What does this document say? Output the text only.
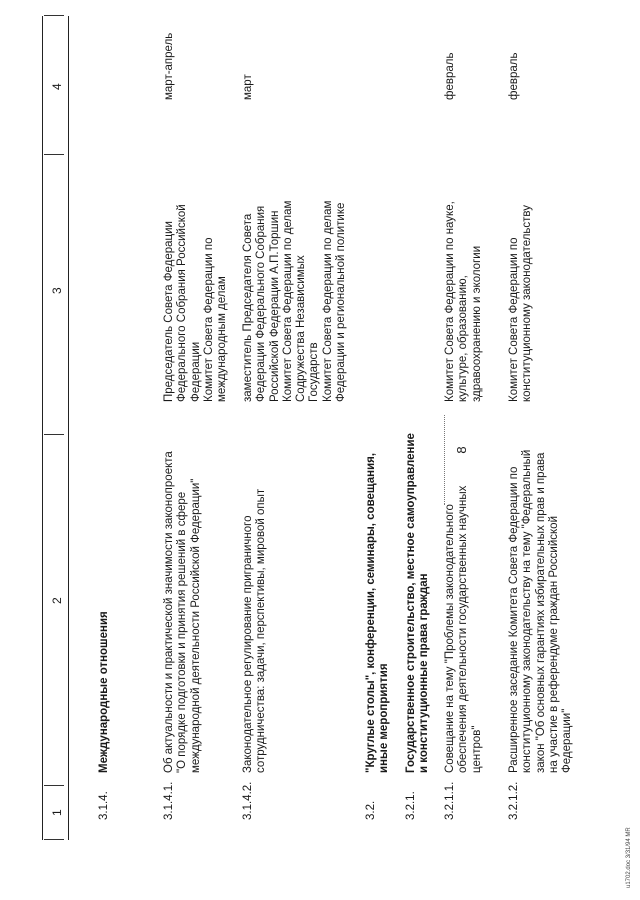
8
1
2
3
4
3.1.4.
Международные отношения
3.1.4.1.
Об актуальности и практической значимости законопроекта "О порядке подготовки и принятия решений в сфере международной деятельности Российской Федерации"
Председатель Совета Федерации Федерального Собрания Российской Федерации Комитет Совета Федерации по международным делам
март-апрель
3.1.4.2.
Законодательное регулирование приграничного сотрудничества: задачи, перспективы, мировой опыт
заместитель Председателя Совета Федерации Федерального Собрания Российской Федерации А.П.Торшин Комитет Совета Федерации по делам Содружества Независимых Государств Комитет Совета Федерации по делам Федерации и региональной политике
март
3.2.
"Круглые столы", конференции, семинары, совещания, иные мероприятия
3.2.1.
Государственное строительство, местное самоуправление и конституционные права граждан
3.2.1.1.
Совещание на тему "Проблемы законодательного обеспечения деятельности государственных научных центров"
Комитет Совета Федерации по науке, культуре, образованию, здравоохранению и экологии
февраль
3.2.1.2.
Расширенное заседание Комитета Совета Федерации по конституционному законодательству на тему "Федеральный закон "Об основных гарантиях избирательных прав и права на участие в референдуме граждан Российской Федерации"
Комитет Совета Федерации по конституционному законодательству
февраль
u1702.doc 3/31/94 MR
